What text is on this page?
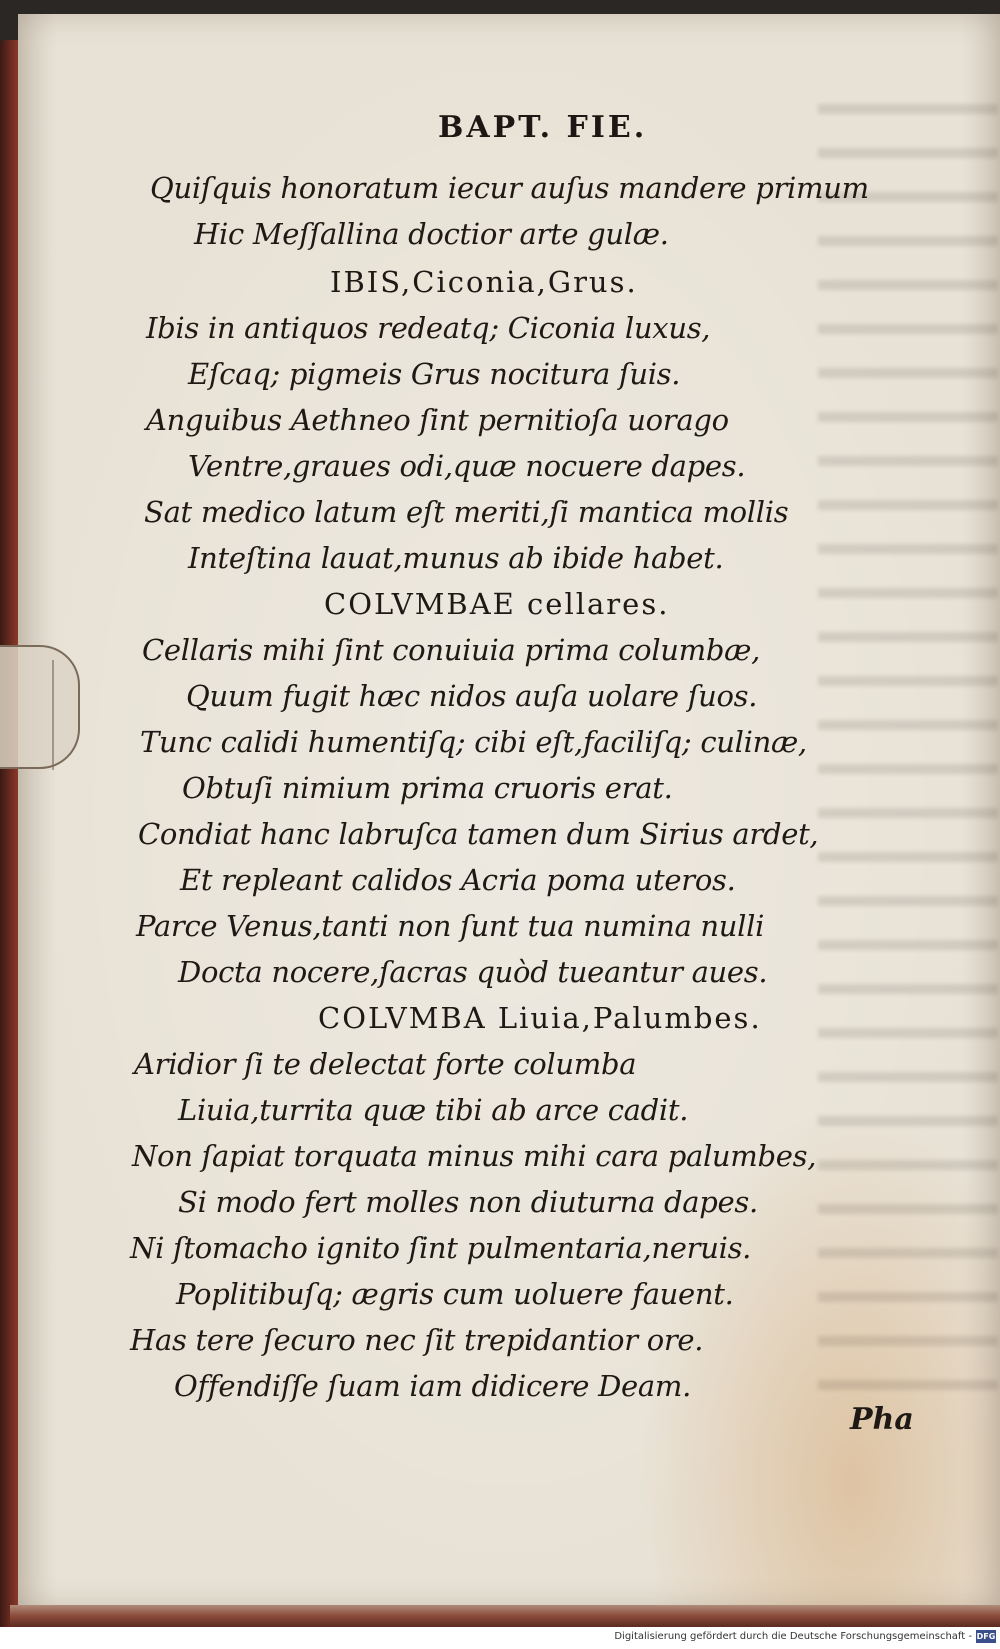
BAPT. FIE.
Quiſquis honoratum iecur auſus mandere primum
Hic Meſſallina doctior arte gulæ.
IBIS,Ciconia,Grus.
Ibis in antiquos redeatq; Ciconia luxus,
Eſcaq; pigmeis Grus nocitura ſuis.
Anguibus Aethneo ſint pernitioſa uorago
Ventre,graues odi,quæ nocuere dapes.
Sat medico latum eſt meriti,ſi mantica mollis
Inteſtina lauat,munus ab ibide habet.
COLVMBAE cellares.
Cellaris mihi ſint conuiuia prima columbæ,
Quum fugit hæc nidos auſa uolare ſuos.
Tunc calidi humentiſq; cibi eſt,faciliſq; culinæ,
Obtuſi nimium prima cruoris erat.
Condiat hanc labruſca tamen dum Sirius ardet,
Et repleant calidos Acria poma uteros.
Parce Venus,tanti non ſunt tua numina nulli
Docta nocere,ſacras quòd tueantur aues.
COLVMBA Liuia,Palumbes.
Aridior ſi te delectat forte columba
Liuia,turrita quæ tibi ab arce cadit.
Non ſapiat torquata minus mihi cara palumbes,
Si modo fert molles non diuturna dapes.
Ni ſtomacho ignito ſint pulmentaria,neruis.
Poplitibuſq; ægris cum uoluere fauent.
Has tere ſecuro nec ſit trepidantior ore.
Offendiſſe ſuam iam didicere Deam.
Pha
Digitalisierung gefördert durch die Deutsche Forschungsgemeinschaft - DFG
